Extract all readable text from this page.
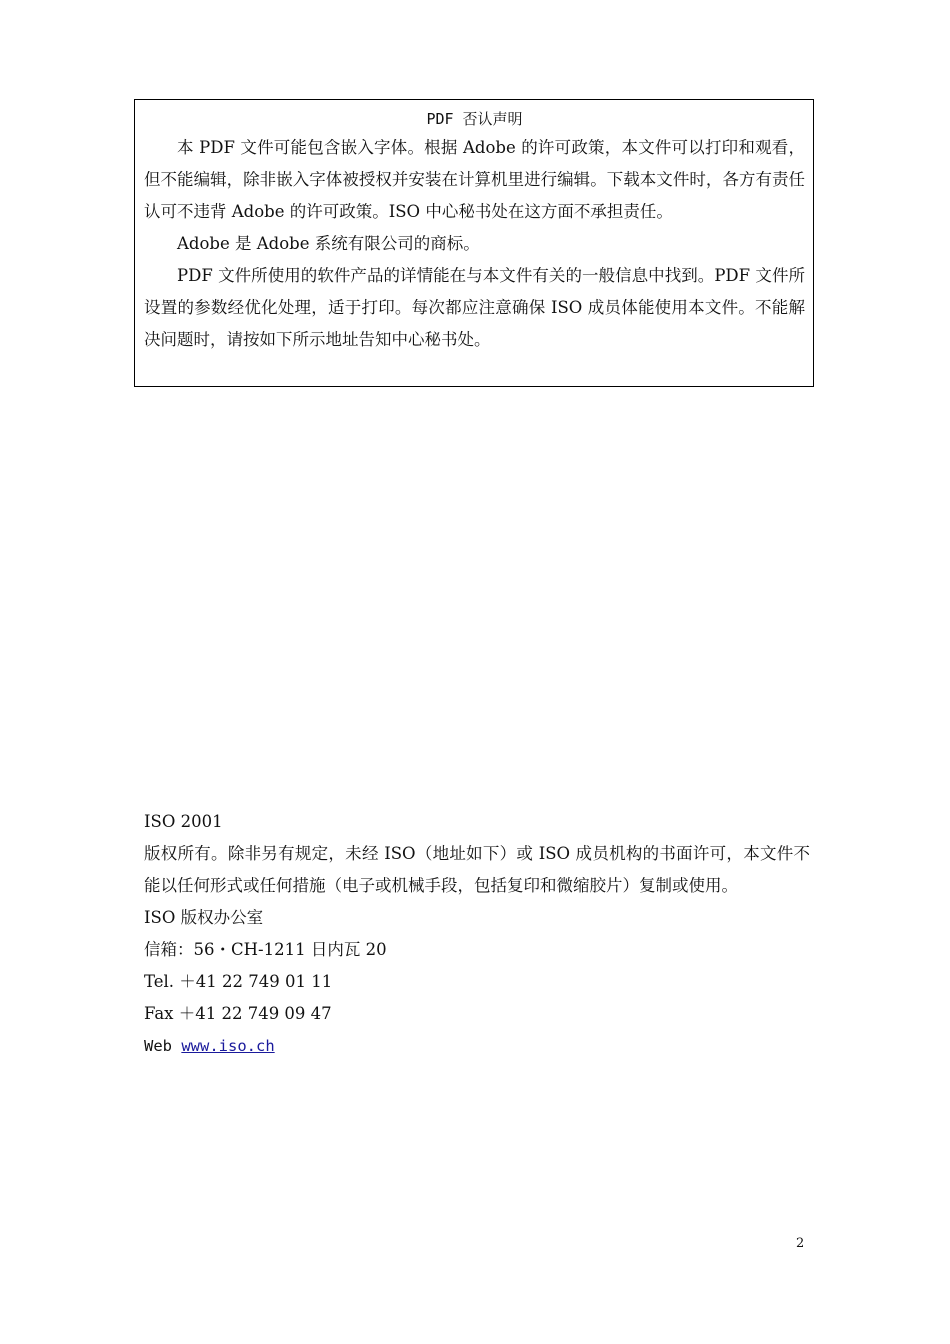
PDF 否认声明

本 PDF 文件可能包含嵌入字体。根据 Adobe 的许可政策，本文件可以打印和观看，但不能编辑，除非嵌入字体被授权并安装在计算机里进行编辑。下载本文件时，各方有责任认可不违背 Adobe 的许可政策。ISO 中心秘书处在这方面不承担责任。

Adobe 是 Adobe 系统有限公司的商标。

PDF 文件所使用的软件产品的详情能在与本文件有关的一般信息中找到。PDF 文件所设置的参数经优化处理，适于打印。每次都应注意确保 ISO 成员体能使用本文件。不能解决问题时，请按如下所示地址告知中心秘书处。

ISO 2001

版权所有。除非另有规定，未经 ISO（地址如下）或 ISO 成员机构的书面许可，本文件不能以任何形式或任何措施（电子或机械手段，包括复印和微缩胶片）复制或使用。

ISO 版权办公室

信箱：56・CH-1211 日内瓦 20

Tel. ＋41 22 749 01 11

Fax ＋41 22 749 09 47

Web www.iso.ch

2
